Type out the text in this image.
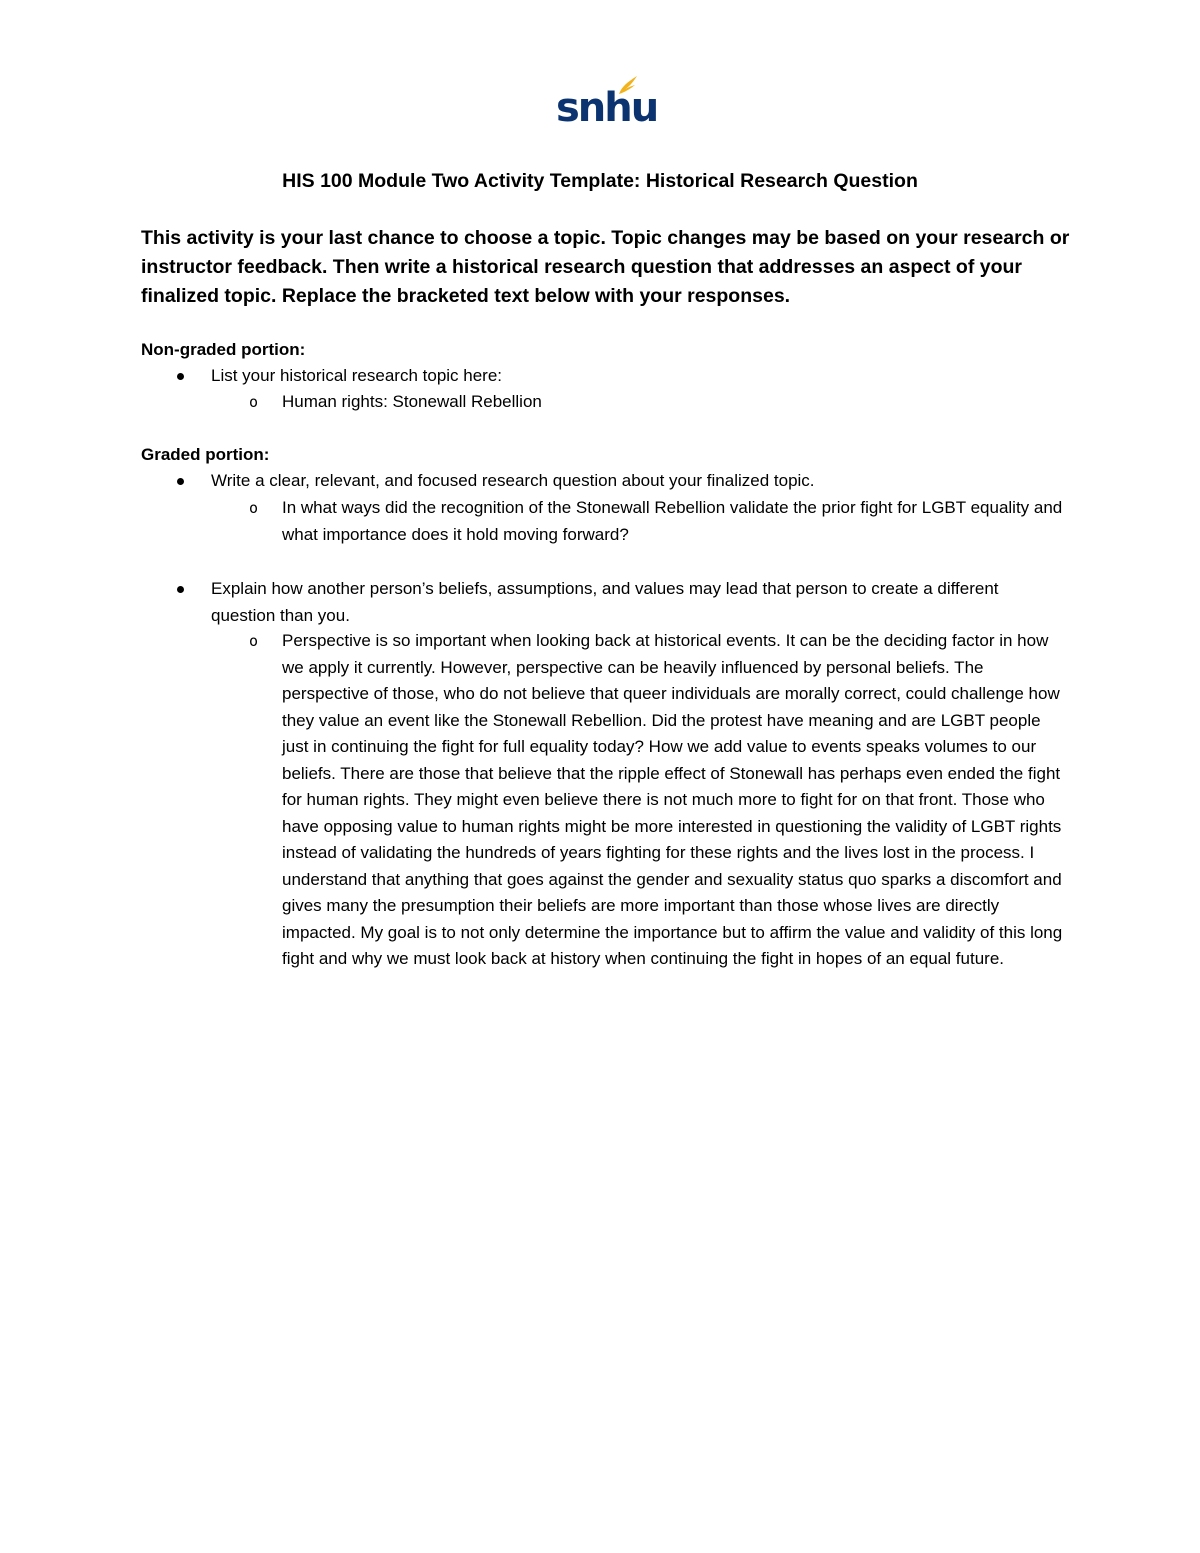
snhu
HIS 100 Module Two Activity Template: Historical Research Question

This activity is your last chance to choose a topic. Topic changes may be based on your research or instructor feedback. Then write a historical research question that addresses an aspect of your finalized topic. Replace the bracketed text below with your responses.

Non-graded portion:

List your historical research topic here:

o Human rights: Stonewall Rebellion

Graded portion:

Write a clear, relevant, and focused research question about your finalized topic.

o In what ways did the recognition of the Stonewall Rebellion validate the prior fight for LGBT equality and what importance does it hold moving forward?

Explain how another person’s beliefs, assumptions, and values may lead that person to create a different question than you.

o Perspective is so important when looking back at historical events. It can be the deciding factor in how we apply it currently. However, perspective can be heavily influenced by personal beliefs. The perspective of those, who do not believe that queer individuals are morally correct, could challenge how they value an event like the Stonewall Rebellion. Did the protest have meaning and are LGBT people just in continuing the fight for full equality today? How we add value to events speaks volumes to our beliefs. There are those that believe that the ripple effect of Stonewall has perhaps even ended the fight for human rights. They might even believe there is not much more to fight for on that front. Those who have opposing value to human rights might be more interested in questioning the validity of LGBT rights instead of validating the hundreds of years fighting for these rights and the lives lost in the process. I understand that anything that goes against the gender and sexuality status quo sparks a discomfort and gives many the presumption their beliefs are more important than those whose lives are directly impacted. My goal is to not only determine the importance but to affirm the value and validity of this long fight and why we must look back at history when continuing the fight in hopes of an equal future.
